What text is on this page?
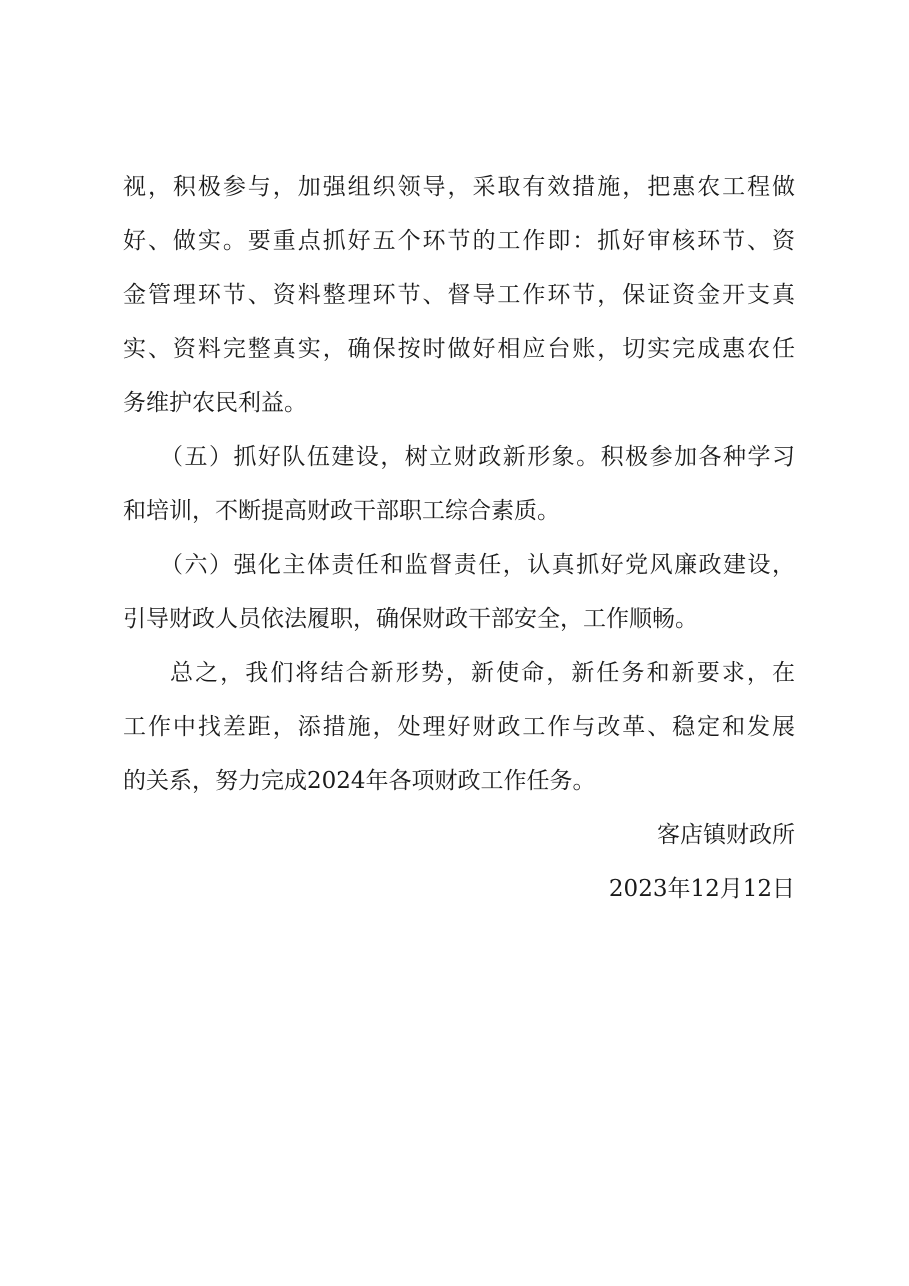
视，积极参与，加强组织领导，采取有效措施，把惠农工程做
好、做实。要重点抓好五个环节的工作即：抓好审核环节、资
金管理环节、资料整理环节、督导工作环节，保证资金开支真
实、资料完整真实，确保按时做好相应台账，切实完成惠农任
务维护农民利益。
（五）抓好队伍建设，树立财政新形象。积极参加各种学习
和培训，不断提高财政干部职工综合素质。
（六）强化主体责任和监督责任，认真抓好党风廉政建设，
引导财政人员依法履职，确保财政干部安全，工作顺畅。
总之，我们将结合新形势，新使命，新任务和新要求，在
工作中找差距，添措施，处理好财政工作与改革、稳定和发展
的关系，努力完成2024年各项财政工作任务。
客店镇财政所
2023年12月12日
